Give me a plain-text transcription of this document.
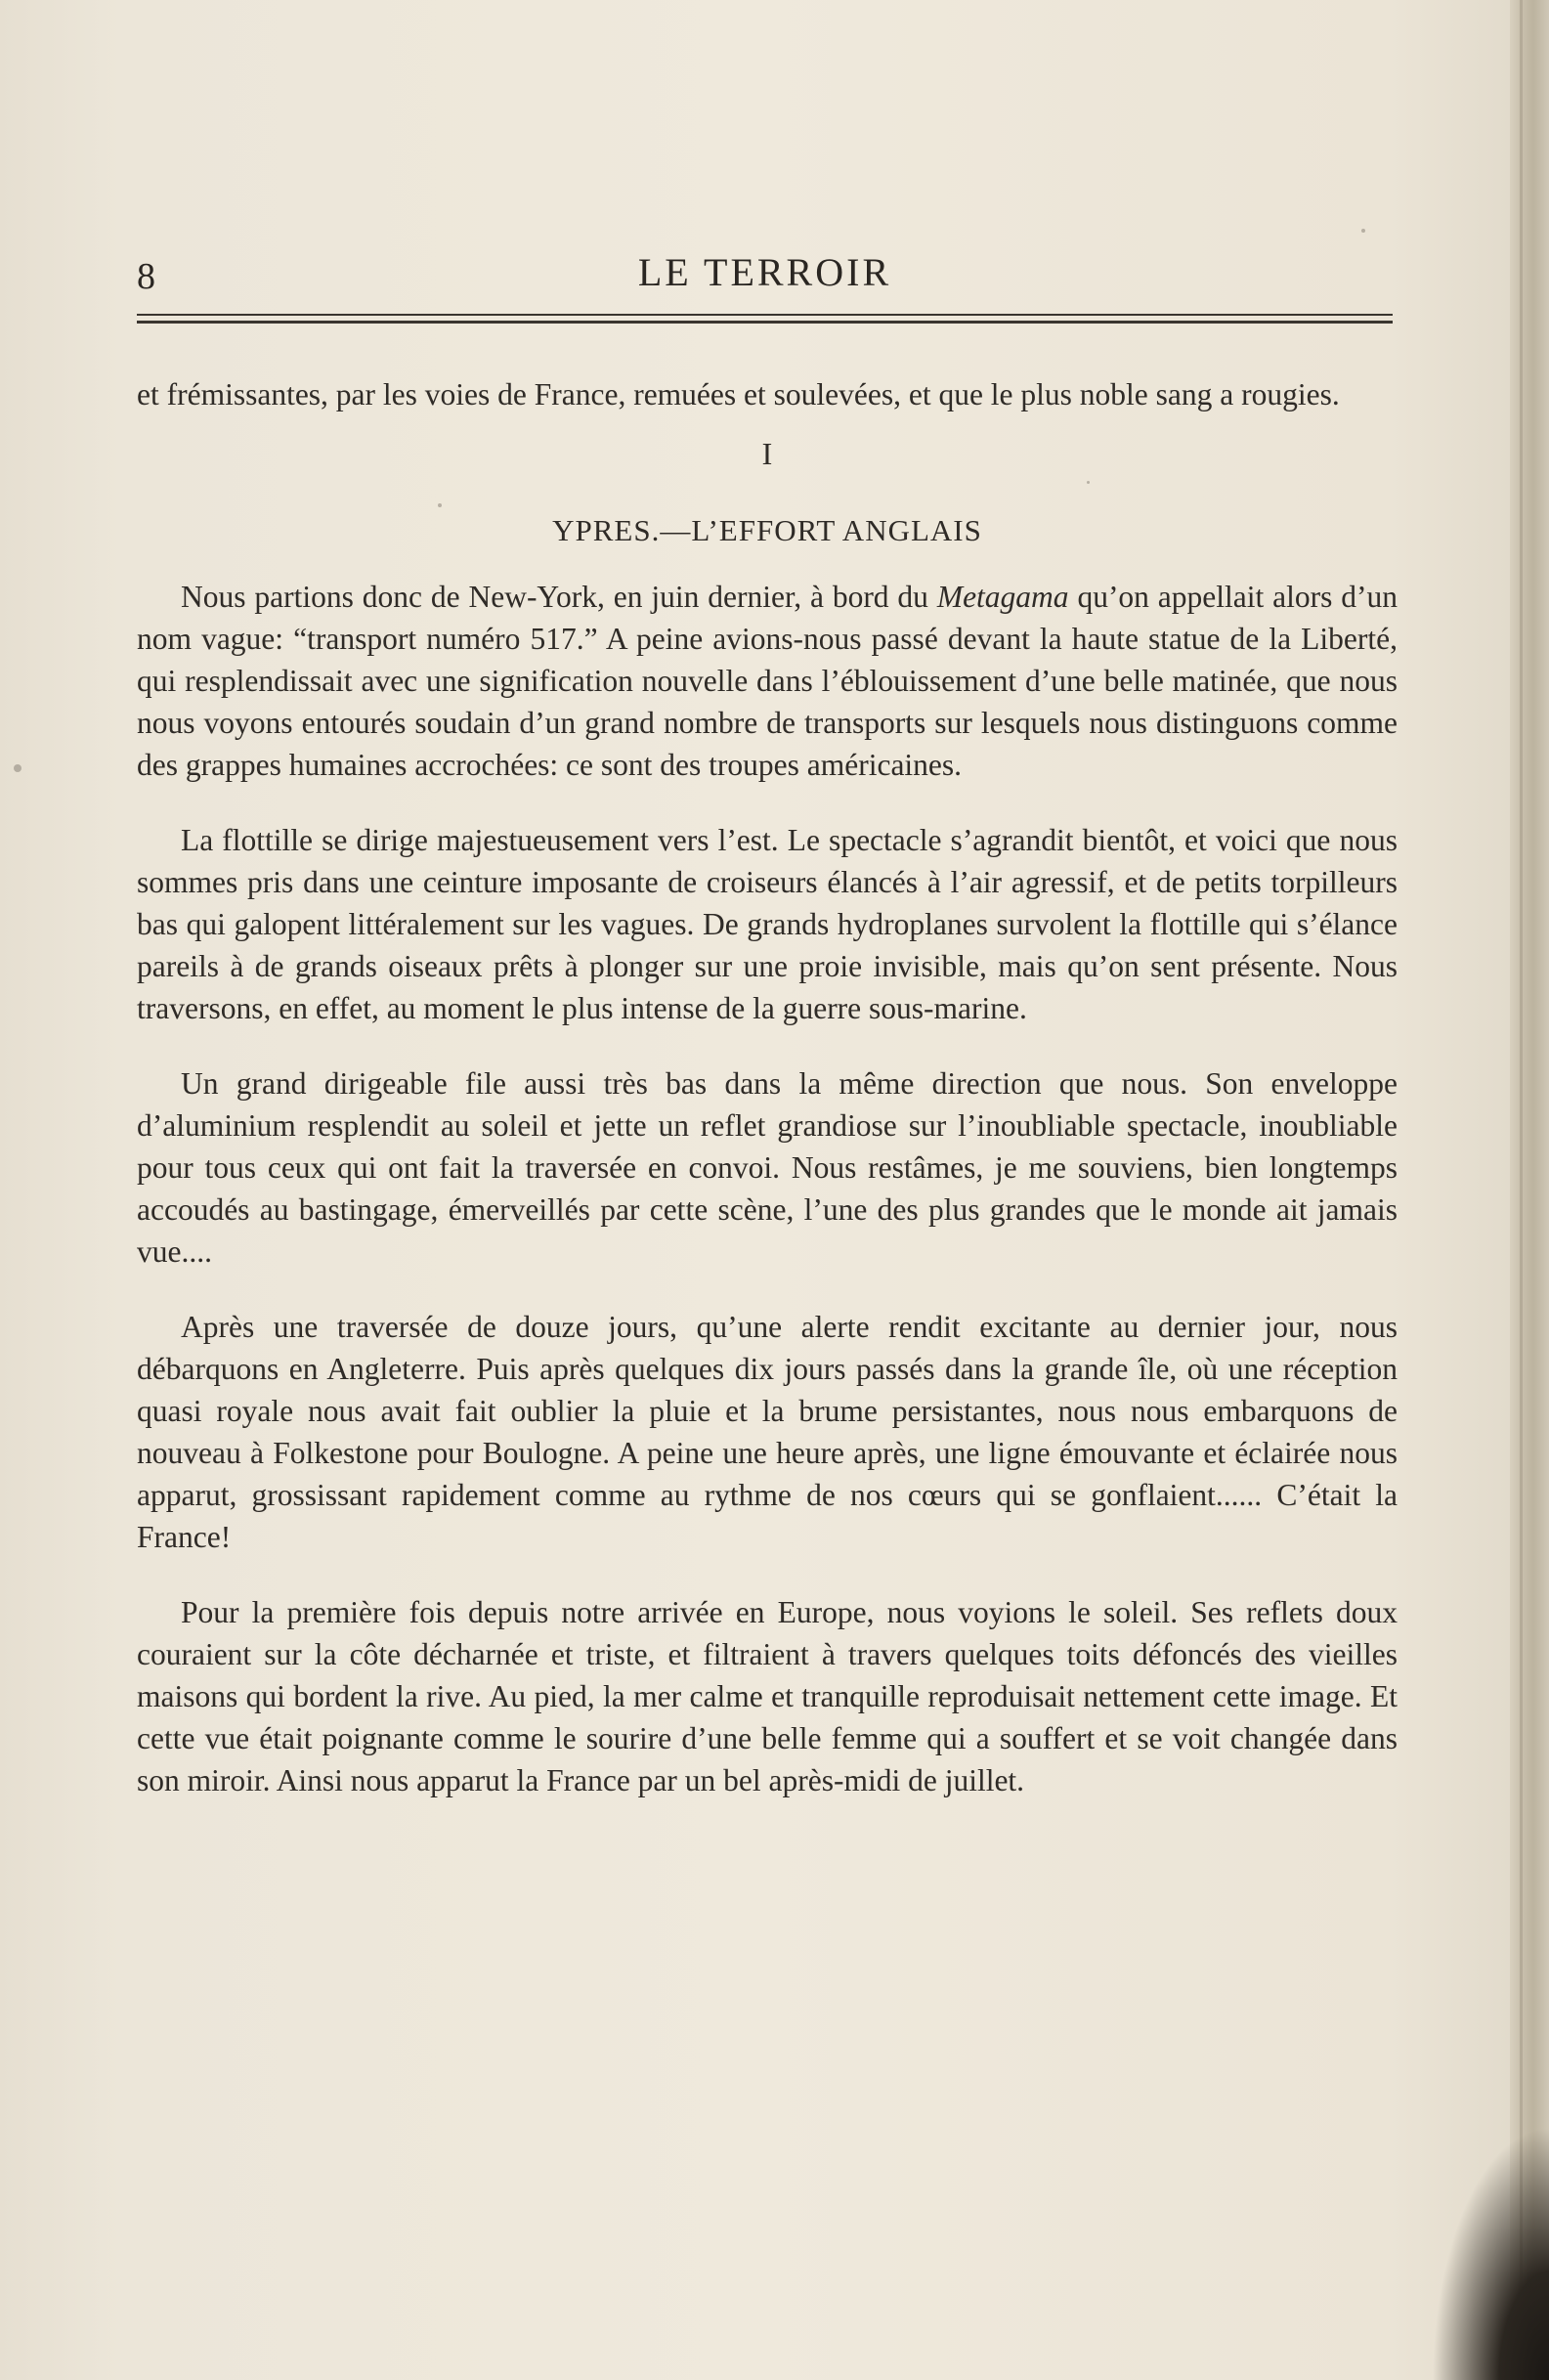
8	LE TERROIR

et frémissantes, par les voies de France, remuées et soulevées, et que le plus noble sang a rougies.

I
YPRES.—L’EFFORT ANGLAIS

Nous partions donc de New-York, en juin dernier, à bord du Metagama qu’on appellait alors d’un nom vague: “transport numéro 517.” A peine avions-nous passé devant la haute statue de la Liberté, qui resplendissait avec une signification nouvelle dans l’éblouissement d’une belle matinée, que nous nous voyons entourés soudain d’un grand nombre de transports sur lesquels nous distinguons comme des grappes humaines accrochées: ce sont des troupes américaines.

La flottille se dirige majestueusement vers l’est. Le spectacle s’agrandit bientôt, et voici que nous sommes pris dans une ceinture imposante de croiseurs élancés à l’air agressif, et de petits torpilleurs bas qui galopent littéralement sur les vagues. De grands hydroplanes survolent la flottille qui s’élance pareils à de grands oiseaux prêts à plonger sur une proie invisible, mais qu’on sent présente. Nous traversons, en effet, au moment le plus intense de la guerre sous-marine.

Un grand dirigeable file aussi très bas dans la même direction que nous. Son enveloppe d’aluminium resplendit au soleil et jette un reflet grandiose sur l’inoubliable spectacle, inoubliable pour tous ceux qui ont fait la traversée en convoi. Nous restâmes, je me souviens, bien longtemps accoudés au bastingage, émerveillés par cette scène, l’une des plus grandes que le monde ait jamais vue....

Après une traversée de douze jours, qu’une alerte rendit excitante au dernier jour, nous débarquons en Angleterre. Puis après quelques dix jours passés dans la grande île, où une réception quasi royale nous avait fait oublier la pluie et la brume persistantes, nous nous embarquons de nouveau à Folkestone pour Boulogne. A peine une heure après, une ligne émouvante et éclairée nous apparut, grossissant rapidement comme au rythme de nos cœurs qui se gonflaient...... C’était la France!

Pour la première fois depuis notre arrivée en Europe, nous voyions le soleil. Ses reflets doux couraient sur la côte décharnée et triste, et filtraient à travers quelques toits défoncés des vieilles maisons qui bordent la rive. Au pied, la mer calme et tranquille reproduisait nettement cette image. Et cette vue était poignante comme le sourire d’une belle femme qui a souffert et se voit changée dans son miroir. Ainsi nous apparut la France par un bel après-midi de juillet.
